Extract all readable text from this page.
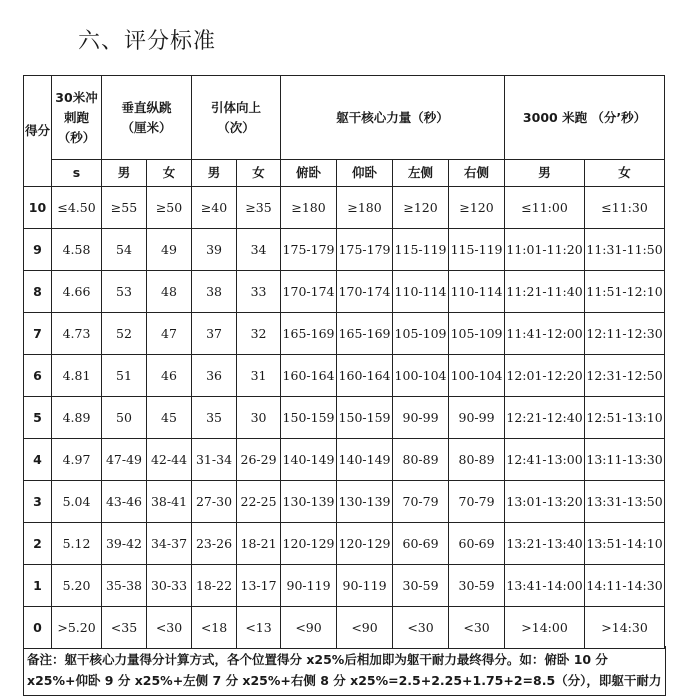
六、评分标准
得分	30米冲刺跑（秒）	垂直纵跳（厘米）		引体向上（次）		躯干核心力量（秒）				3000 米跑 （分’秒）	
	s	男	女	男	女	俯卧	仰卧	左侧	右侧	男	女

10	≤4.50	≥55	≥50	≥40	≥35	≥180	≥180	≥120	≥120	≤11:00	≤11:30

9	4.58	54	49	39	34	175-179	175-179	115-119	115-119	11:01-11:20	11:31-11:50

8	4.66	53	48	38	33	170-174	170-174	110-114	110-114	11:21-11:40	11:51-12:10

7	4.73	52	47	37	32	165-169	165-169	105-109	105-109	11:41-12:00	12:11-12:30

6	4.81	51	46	36	31	160-164	160-164	100-104	100-104	12:01-12:20	12:31-12:50

5	4.89	50	45	35	30	150-159	150-159	90-99	90-99	12:21-12:40	12:51-13:10

4	4.97	47-49	42-44	31-34	26-29	140-149	140-149	80-89	80-89	12:41-13:00	13:11-13:30

3	5.04	43-46	38-41	27-30	22-25	130-139	130-139	70-79	70-79	13:01-13:20	13:31-13:50

2	5.12	39-42	34-37	23-26	18-21	120-129	120-129	60-69	60-69	13:21-13:40	13:51-14:10

1	5.20	35-38	30-33	18-22	13-17	90-119	90-119	30-59	30-59	13:41-14:00	14:11-14:30

0	>5.20	<35	<30	<18	<13	<90	<90	<30	<30	>14:00	>14:30
备注：躯干核心力量得分计算方式，各个位置得分 x25%后相加即为躯干耐力最终得分。如：俯卧 10 分 x25%+仰卧 9 分 x25%+左侧 7 分 x25%+右侧 8 分 x25%=2.5+2.25+1.75+2=8.5（分），即躯干耐力
